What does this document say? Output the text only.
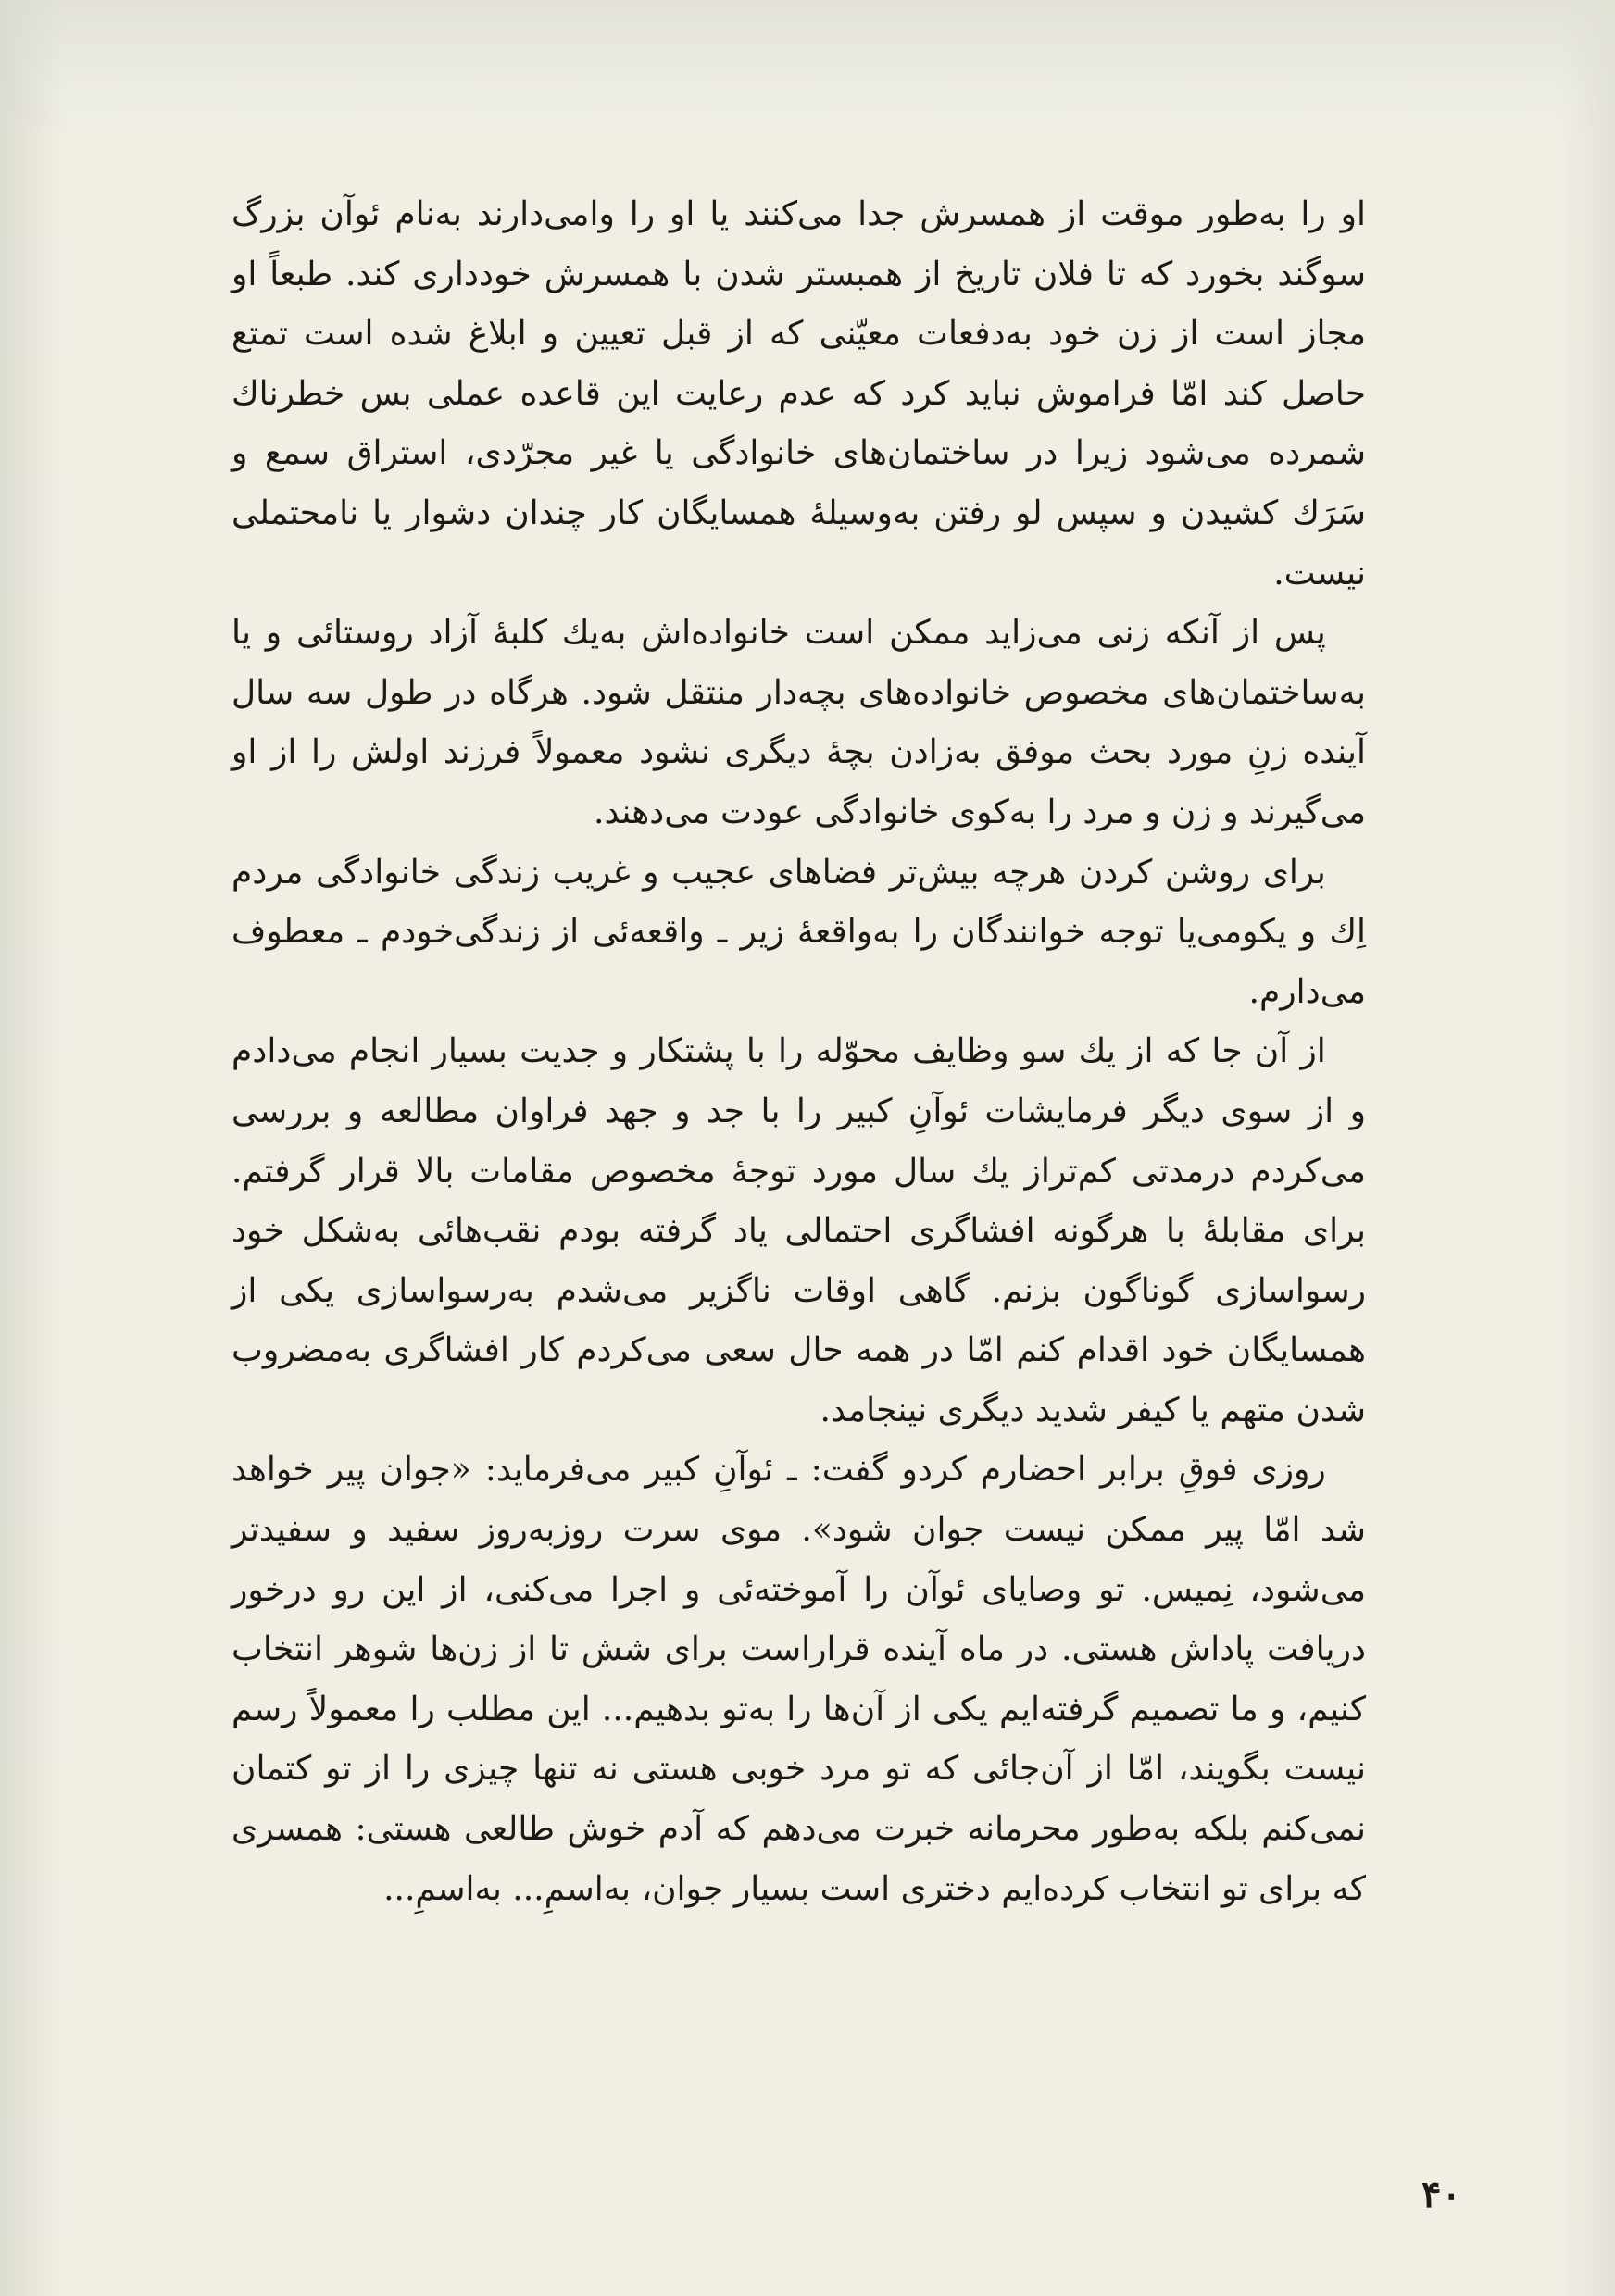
او را به‌طور موقت از همسرش جدا می‌کنند یا او را وامی‌دارند به‌نام ئوآن بزرگ سوگند بخورد که تا فلان تاریخ از همبستر شدن با همسرش خودداری کند. طبعاً او مجاز است از زن خود به‌دفعات معیّنی که از قبل تعیین و ابلاغ شده است تمتع حاصل کند امّا فراموش نباید کرد که عدم رعایت این قاعده عملی بس خطرناك شمرده می‌شود زیرا در ساختمان‌های خانوادگی یا غیر مجرّدی، استراق سمع و سَرَك کشیدن و سپس لو رفتن به‌وسیلهٔ همسایگان کار چندان دشوار یا نامحتملی نیست.

پس از آنکه زنی می‌زاید ممکن است خانواده‌اش به‌یك کلبهٔ آزاد روستائی و یا به‌ساختمان‌های مخصوص خانواده‌های بچه‌دار منتقل شود. هرگاه در طول سه سال آینده زنِ مورد بحث موفق به‌زادن بچهٔ دیگری نشود معمولاً فرزند اولش را از او می‌گیرند و زن و مرد را به‌کوی خانوادگی عودت می‌دهند.

برای روشن کردن هرچه بیش‌تر فضاهای عجیب و غریب زندگی خانوادگی مردم اِك و یکومی‌یا توجه خوانندگان را به‌واقعهٔ زیر ـ واقعه‌ئی از زندگی‌خودم ـ معطوف می‌دارم.

از آن جا که از یك سو وظایف محوّله را با پشتکار و جدیت بسیار انجام می‌دادم و از سوی دیگر فرمایشات ئوآنِ کبیر را با جد و جهد فراوان مطالعه و بررسی می‌کردم درمدتی کم‌تراز یك سال مورد توجهٔ مخصوص مقامات بالا قرار گرفتم. برای مقابلهٔ با هرگونه افشاگری احتمالی یاد گرفته بودم نقب‌هائی به‌شکل خود رسواسازی گوناگون بزنم. گاهی اوقات ناگزیر می‌شدم به‌رسواسازی یکی از همسایگان خود اقدام کنم امّا در همه حال سعی می‌کردم کار افشاگری به‌مضروب شدن متهم یا کیفر شدید دیگری نینجامد.

روزی فوقِ برابر احضارم کردو گفت: ـ ئوآنِ کبیر می‌فرماید: «جوان پیر خواهد شد امّا پیر ممکن نیست جوان شود». موی سرت روزبه‌روز سفید و سفیدتر می‌شود، نِمیس. تو وصایای ئوآن را آموخته‌ئی و اجرا می‌کنی، از این رو درخور دریافت پاداش هستی. در ماه آینده قراراست برای شش تا از زن‌ها شوهر انتخاب کنیم، و ما تصمیم گرفته‌ایم یکی از آن‌ها را به‌تو بدهیم... این مطلب را معمولاً رسم نیست بگویند، امّا از آن‌جائی که تو مرد خوبی هستی نه تنها چیزی را از تو کتمان نمی‌کنم بلکه به‌طور محرمانه خبرت می‌دهم که آدم خوش طالعی هستی: همسری که برای تو انتخاب کرده‌ایم دختری است بسیار جوان، به‌اسمِ... به‌اسمِ...

۴۰
